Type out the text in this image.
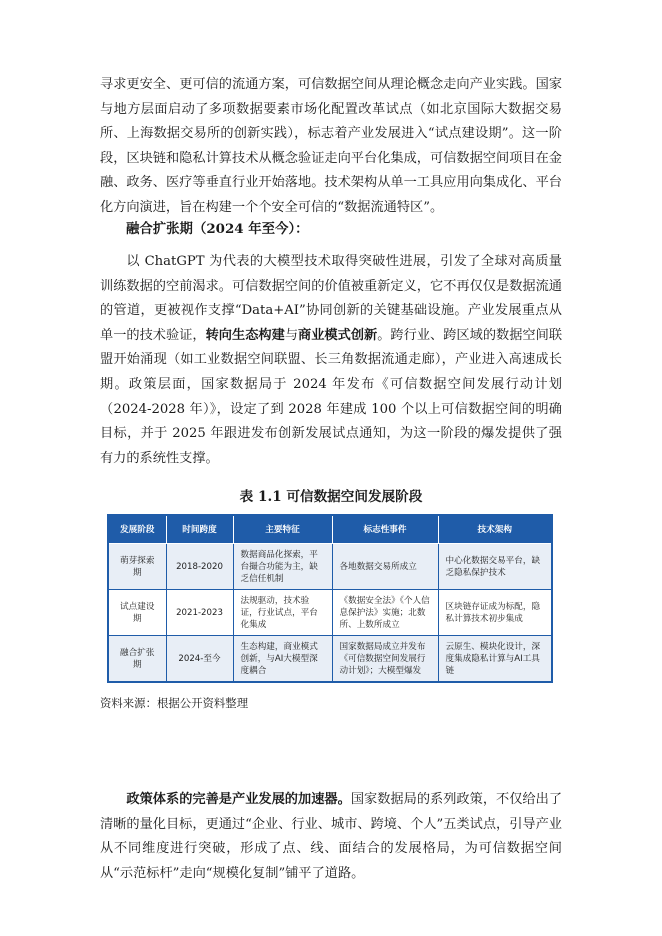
寻求更安全、更可信的流通方案，可信数据空间从理论概念走向产业实践。国家与地方层面启动了多项数据要素市场化配置改革试点（如北京国际大数据交易所、上海数据交易所的创新实践），标志着产业发展进入“试点建设期”。这一阶段，区块链和隐私计算技术从概念验证走向平台化集成，可信数据空间项目在金融、政务、医疗等垂直行业开始落地。技术架构从单一工具应用向集成化、平台化方向演进，旨在构建一个个安全可信的“数据流通特区”。

融合扩张期（2024 年至今）：

以 ChatGPT 为代表的大模型技术取得突破性进展，引发了全球对高质量训练数据的空前渴求。可信数据空间的价值被重新定义，它不再仅仅是数据流通的管道，更被视作支撑“Data+AI”协同创新的关键基础设施。产业发展重点从单一的技术验证，转向生态构建与商业模式创新。跨行业、跨区域的数据空间联盟开始涌现（如工业数据空间联盟、长三角数据流通走廊），产业进入高速成长期。政策层面，国家数据局于 2024 年发布《可信数据空间发展行动计划（2024-2028 年）》，设定了到 2028 年建成 100 个以上可信数据空间的明确目标，并于 2025 年跟进发布创新发展试点通知，为这一阶段的爆发提供了强有力的系统性支撑。

表 1.1 可信数据空间发展阶段

发展阶段	时间跨度	主要特征	标志性事件	技术架构
萌芽探索期	2018-2020	数据商品化探索，平台撮合功能为主，缺乏信任机制	各地数据交易所成立	中心化数据交易平台，缺乏隐私保护技术
试点建设期	2021-2023	法规驱动，技术验证，行业试点，平台化集成	《数据安全法》《个人信息保护法》实施；北数所、上数所成立	区块链存证成为标配，隐私计算技术初步集成
融合扩张期	2024-至今	生态构建，商业模式创新，与AI大模型深度耦合	国家数据局成立并发布《可信数据空间发展行动计划》；大模型爆发	云原生、模块化设计，深度集成隐私计算与AI工具链

资料来源：根据公开资料整理

政策体系的完善是产业发展的加速器。国家数据局的系列政策，不仅给出了清晰的量化目标，更通过“企业、行业、城市、跨境、个人”五类试点，引导产业从不同维度进行突破，形成了点、线、面结合的发展格局，为可信数据空间从“示范标杆”走向“规模化复制”铺平了道路。
